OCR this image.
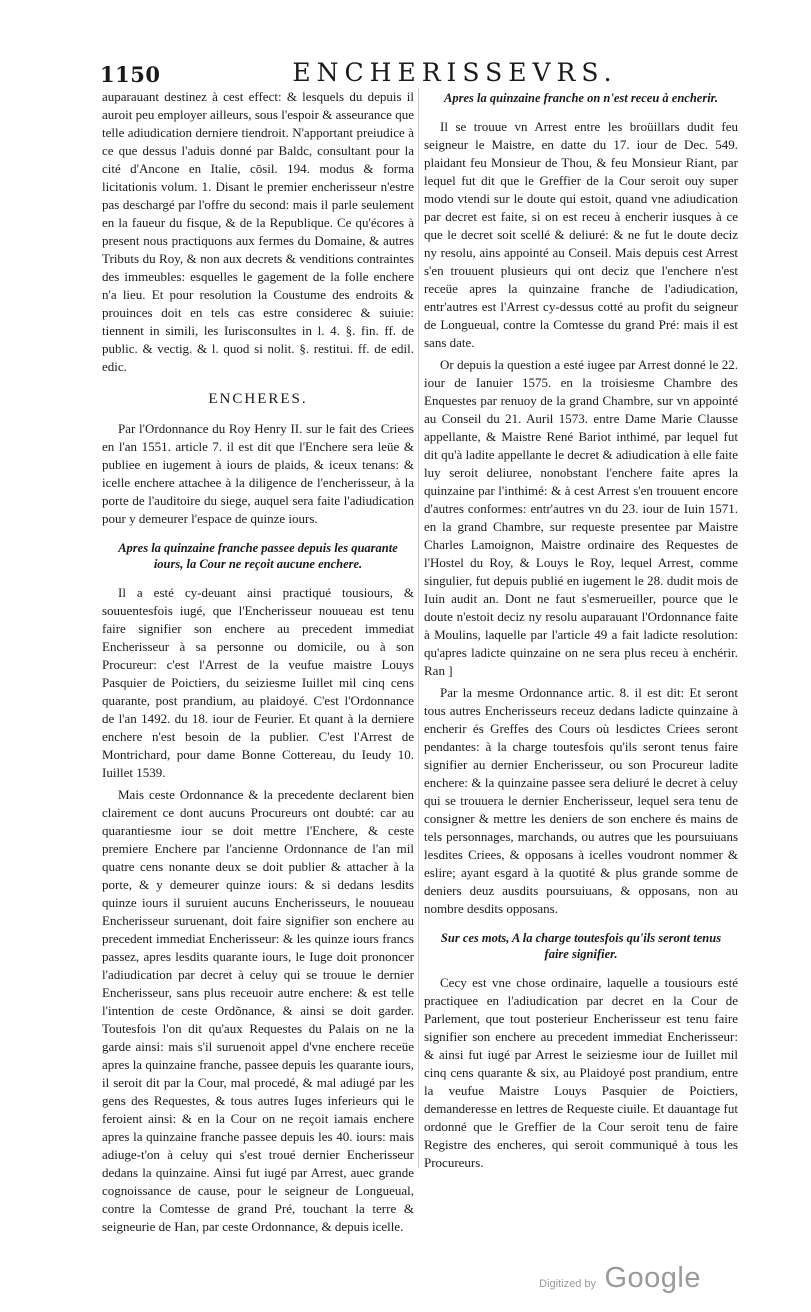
1150	ENCHERISSEVRS.

auparauant destinez à cest effect: & lesquels du depuis il auroit peu employer ailleurs, sous l'espoir & asseurance que telle adiudication derniere tiendroit. N'apportant preiudice à ce que dessus l'aduis donné par Baldc, consultant pour la cité d'Ancone en Italie, cōsil. 194. modus & forma licitationis volum. 1. Disant le premier encherisseur n'estre pas deschargé par l'offre du second: mais il parle seulement en la faueur du fisque, & de la Republique. Ce qu'écores à present nous practiquons aux fermes du Domaine, & autres Tributs du Roy, & non aux decrets & venditions contraintes des immeubles: esquelles le gagement de la folle enchere n'a lieu. Et pour resolution la Coustume des endroits & prouinces doit en tels cas estre considerec & suiuie: tiennent in simili, les Iurisconsultes in l. 4. §. fin. ff. de public. & vectig. & l. quod si nolit. §. restitui. ff. de edil. edic.

ENCHERES.

Par l'Ordonnance du Roy Henry II. sur le fait des Criees en l'an 1551. article 7. il est dit que l'Enchere sera leüe & publiee en iugement à iours de plaids, & iceux tenans: & icelle enchere attachee à la diligence de l'encherisseur, à la porte de l'auditoire du siege, auquel sera faite l'adiudication pour y demeurer l'espace de quinze iours.

Apres la quinzaine franche passee depuis les quarante iours, la Cour ne reçoit aucune enchere.

Il a esté cy-deuant ainsi practiqué tousiours, & souuentesfois iugé, que l'Encherisseur nouueau est tenu faire signifier son enchere au precedent immediat Encherisseur à sa personne ou domicile, ou à son Procureur: c'est l'Arrest de la veufue maistre Louys Pasquier de Poictiers, du seiziesme Iuillet mil cinq cens quarante, post prandium, au plaidoyé. C'est l'Ordonnance de l'an 1492. du 18. iour de Feurier. Et quant à la derniere enchere n'est besoin de la publier. C'est l'Arrest de Montrichard, pour dame Bonne Cottereau, du Ieudy 10. Iuillet 1539.

Mais ceste Ordonnance & la precedente declarent bien clairement ce dont aucuns Procureurs ont doubté: car au quarantiesme iour se doit mettre l'Enchere, & ceste premiere Enchere par l'ancienne Ordonnance de l'an mil quatre cens nonante deux se doit publier & attacher à la porte, & y demeurer quinze iours: & si dedans lesdits quinze iours il suruient aucuns Encherisseurs, le nouueau Encherisseur suruenant, doit faire signifier son enchere au precedent immediat Encherisseur: & les quinze iours francs passez, apres lesdits quarante iours, le Iuge doit prononcer l'adiudication par decret à celuy qui se trouue le dernier Encherisseur, sans plus receuoir autre enchere: & est telle l'intention de ceste Ordõnance, & ainsi se doit garder. Toutesfois l'on dit qu'aux Requestes du Palais on ne la garde ainsi: mais s'il suruenoit appel d'vne enchere receüe apres la quinzaine franche, passee depuis les quarante iours, il seroit dit par la Cour, mal procedé, & mal adiugé par les gens des Requestes, & tous autres Iuges inferieurs qui le feroient ainsi: & en la Cour on ne reçoit iamais enchere apres la quinzaine franche passee depuis les 40. iours: mais adiuge-t'on à celuy qui s'est troué dernier Encherisseur dedans la quinzaine. Ainsi fut iugé par Arrest, auec grande cognoissance de cause, pour le seigneur de Longueual, contre la Comtesse de grand Pré, touchant la terre & seigneurie de Han, par ceste Ordonnance, & depuis icelle.

Apres la quinzaine franche on n'est receu à encherir.

Il se trouue vn Arrest entre les broüillars dudit feu seigneur le Maistre, en datte du 17. iour de Dec. 549. plaidant feu Monsieur de Thou, & feu Monsieur Riant, par lequel fut dit que le Greffier de la Cour seroit ouy super modo vtendi sur le doute qui estoit, quand vne adiudication par decret est faite, si on est receu à encherir iusques à ce que le decret soit scellé & deliuré: & ne fut le doute deciz ny resolu, ains appointé au Conseil. Mais depuis cest Arrest s'en trouuent plusieurs qui ont deciz que l'enchere n'est receüe apres la quinzaine franche de l'adiudication, entr'autres est l'Arrest cy-dessus cotté au profit du seigneur de Longueual, contre la Comtesse du grand Pré: mais il est sans date.

Or depuis la question a esté iugee par Arrest donné le 22. iour de Ianuier 1575. en la troisiesme Chambre des Enquestes par renuoy de la grand Chambre, sur vn appointé au Conseil du 21. Auril 1573. entre Dame Marie Clausse appellante, & Maistre René Bariot inthimé, par lequel fut dit qu'à ladite appellante le decret & adiudication à elle faite luy seroit deliuree, nonobstant l'enchere faite apres la quinzaine par l'inthimé: & à cest Arrest s'en trouuent encore d'autres conformes: entr'autres vn du 23. iour de Iuin 1571. en la grand Chambre, sur requeste presentee par Maistre Charles Lamoignon, Maistre ordinaire des Requestes de l'Hostel du Roy, & Louys le Roy, lequel Arrest, comme singulier, fut depuis publié en iugement le 28. dudit mois de Iuin audit an. Dont ne faut s'esmerueiller, pource que le doute n'estoit deciz ny resolu auparauant l'Ordonnance faite à Moulins, laquelle par l'article 49 a fait ladicte resolution: qu'apres ladicte quinzaine on ne sera plus receu à enchérir. Ran ]

Par la mesme Ordonnance artic. 8. il est dit: Et seront tous autres Encherisseurs receuz dedans ladicte quinzaine à encherir és Greffes des Cours où lesdictes Criees seront pendantes: à la charge toutesfois qu'ils seront tenus faire signifier au dernier Encherisseur, ou son Procureur ladite enchere: & la quinzaine passee sera deliuré le decret à celuy qui se trouuera le dernier Encherisseur, lequel sera tenu de consigner & mettre les deniers de son enchere és mains de tels personnages, marchands, ou autres que les poursuiuans lesdites Criees, & opposans à icelles voudront nommer & eslire; ayant esgard à la quotité & plus grande somme de deniers deuz ausdits poursuiuans, & opposans, non au nombre desdits opposans.

Sur ces mots, A la charge toutesfois qu'ils seront tenus faire signifier.

Cecy est vne chose ordinaire, laquelle a tousiours esté practiquee en l'adiudication par decret en la Cour de Parlement, que tout posterieur Encherisseur est tenu faire signifier son enchere au precedent immediat Encherisseur: & ainsi fut iugé par Arrest le seiziesme iour de Iuillet mil cinq cens quarante & six, au Plaidoyé post prandium, entre la veufue Maistre Louys Pasquier de Poictiers, demanderesse en lettres de Requeste ciuile. Et dauantage fut ordonné que le Greffier de la Cour seroit tenu de faire Registre des encheres, qui seroit communiqué à tous les Procureurs.

Digitized by Google
